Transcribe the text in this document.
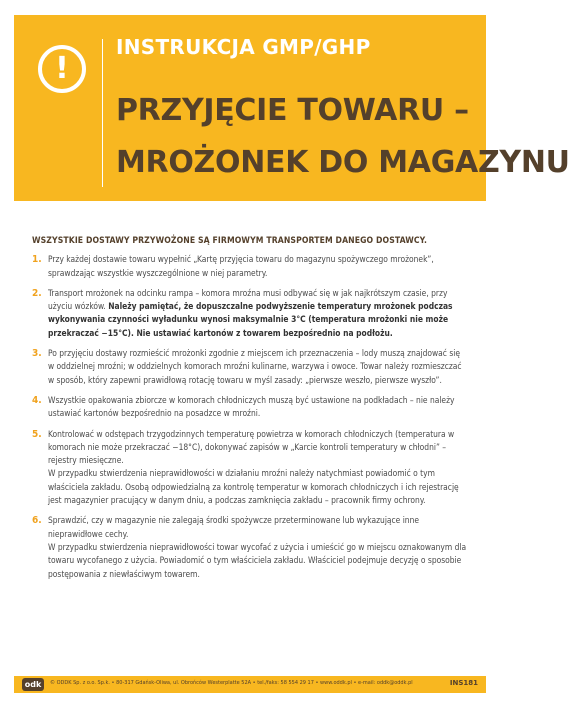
!
INSTRUKCJA GMP/GHP
PRZYJĘCIE TOWARU –
MROŻONEK DO MAGAZYNU
WSZYSTKIE DOSTAWY PRZYWOŻONE SĄ FIRMOWYM TRANSPORTEM DANEGO DOSTAWCY.
1. Przy każdej dostawie towaru wypełnić „Kartę przyjęcia towaru do magazynu spożywczego mrożonek”, sprawdzając wszystkie wyszczególnione w niej parametry.

2. Transport mrożonek na odcinku rampa – komora mroźna musi odbywać się w jak najkrótszym czasie, przy użyciu wózków. Należy pamiętać, że dopuszczalne podwyższenie temperatury mrożonek podczas wykonywania czynności wyładunku wynosi maksymalnie 3°C (temperatura mrożonki nie może przekraczać −15°C). Nie ustawiać kartonów z towarem bezpośrednio na podłożu.

3. Po przyjęciu dostawy rozmieścić mrożonki zgodnie z miejscem ich przeznaczenia – lody muszą znajdować się w oddzielnej mroźni; w oddzielnych komorach mroźni kulinarne, warzywa i owoce. Towar należy rozmieszczać w sposób, który zapewni prawidłową rotację towaru w myśl zasady: „pierwsze weszło, pierwsze wyszło”.

4. Wszystkie opakowania zbiorcze w komorach chłodniczych muszą być ustawione na podkładach – nie należy ustawiać kartonów bezpośrednio na posadzce w mroźni.

5. Kontrolować w odstępach trzygodzinnych temperaturę powietrza w komorach chłodniczych (temperatura w komorach nie może przekraczać −18°C), dokonywać zapisów w „Karcie kontroli temperatury w chłodni” – rejestry miesięczne.

W przypadku stwierdzenia nieprawidłowości w działaniu mroźni należy natychmiast powiadomić o tym właściciela zakładu. Osobą odpowiedzialną za kontrolę temperatur w komorach chłodniczych i ich rejestrację jest magazynier pracujący w danym dniu, a podczas zamknięcia zakładu – pracownik firmy ochrony.

6. Sprawdzić, czy w magazynie nie zalegają środki spożywcze przeterminowane lub wykazujące inne nieprawidłowe cechy.

W przypadku stwierdzenia nieprawidłowości towar wycofać z użycia i umieścić go w miejscu oznakowanym dla towaru wycofanego z użycia. Powiadomić o tym właściciela zakładu. Właściciel podejmuje decyzję o sposobie postępowania z niewłaściwym towarem.

odk	© ODDK Sp. z o.o. Sp.k. • 80-317 Gdańsk-Oliwa, ul. Obrońców Westerplatte 52A • tel./faks: 58 554 29 17 • www.oddk.pl • e-mail: oddk@oddk.pl	INS181
